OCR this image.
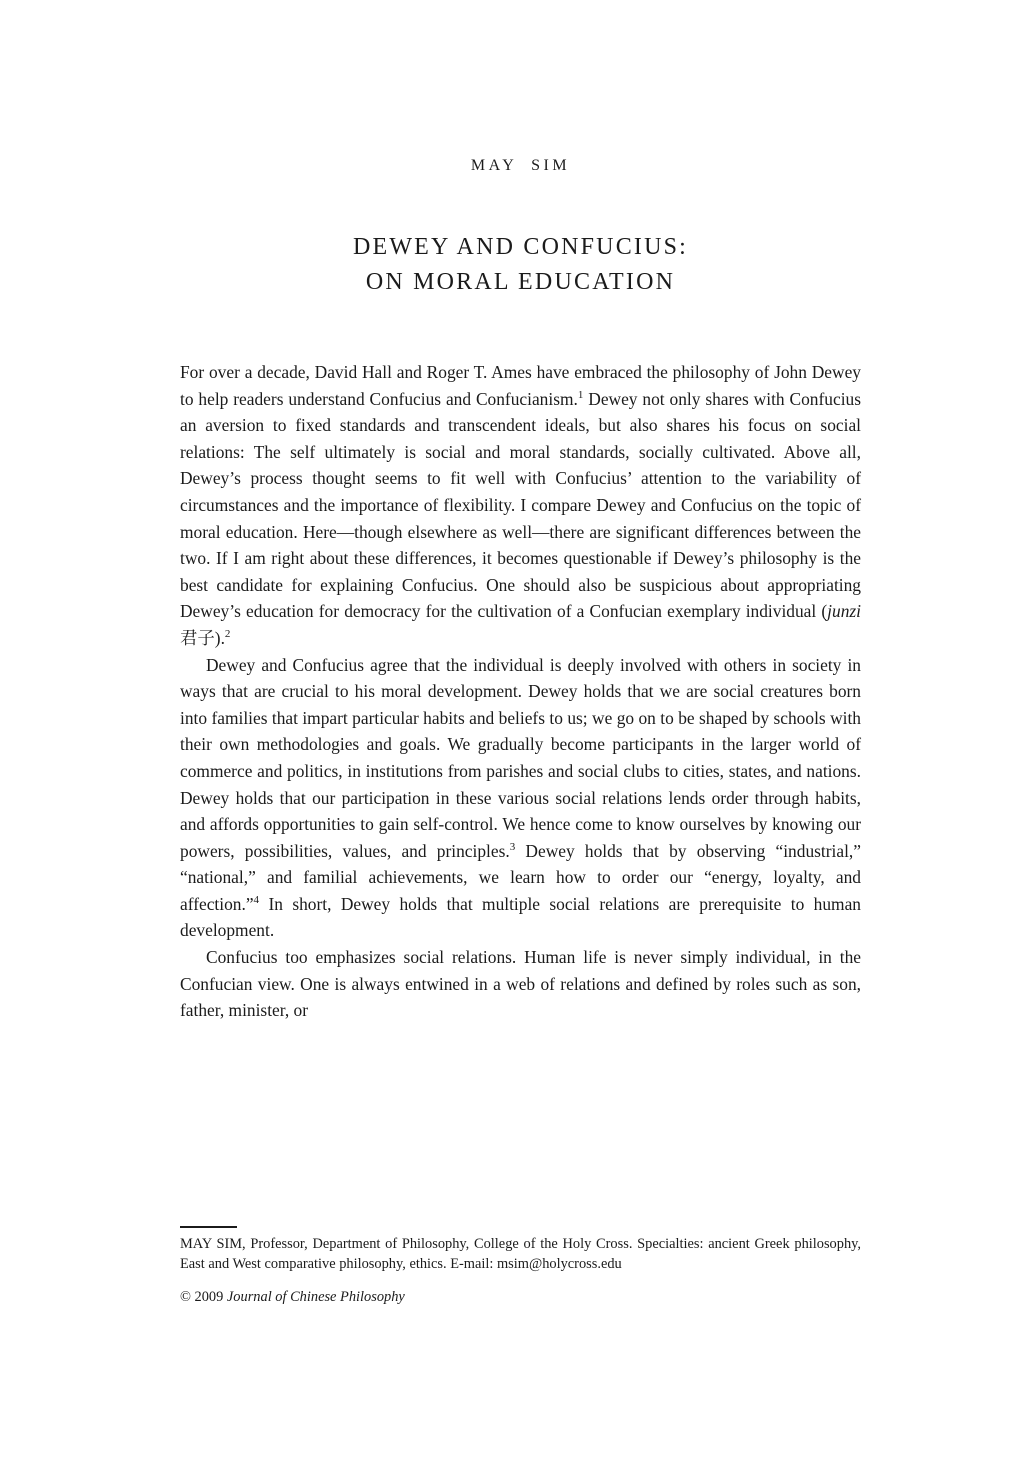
MAY SIM
DEWEY AND CONFUCIUS:
ON MORAL EDUCATION

For over a decade, David Hall and Roger T. Ames have embraced the philosophy of John Dewey to help readers understand Confucius and Confucianism.$^1$ Dewey not only shares with Confucius an aversion to fixed standards and transcendent ideals, but also shares his focus on social relations: The self ultimately is social and moral standards, socially cultivated. Above all, Dewey’s process thought seems to fit well with Confucius’ attention to the variability of circumstances and the importance of flexibility. I compare Dewey and Confucius on the topic of moral education. Here—though elsewhere as well—there are significant differences between the two. If I am right about these differences, it becomes questionable if Dewey’s philosophy is the best candidate for explaining Confucius. One should also be suspicious about appropriating Dewey’s education for democracy for the cultivation of a Confucian exemplary individual (junzi 君子).$^2$

Dewey and Confucius agree that the individual is deeply involved with others in society in ways that are crucial to his moral development. Dewey holds that we are social creatures born into families that impart particular habits and beliefs to us; we go on to be shaped by schools with their own methodologies and goals. We gradually become participants in the larger world of commerce and politics, in institutions from parishes and social clubs to cities, states, and nations. Dewey holds that our participation in these various social relations lends order through habits, and affords opportunities to gain self-control. We hence come to know ourselves by knowing our powers, possibilities, values, and principles.$^3$ Dewey holds that by observing “industrial,” “national,” and familial achievements, we learn how to order our “energy, loyalty, and affection.”$^4$ In short, Dewey holds that multiple social relations are prerequisite to human development.

Confucius too emphasizes social relations. Human life is never simply individual, in the Confucian view. One is always entwined in a web of relations and defined by roles such as son, father, minister, or

MAY SIM, Professor, Department of Philosophy, College of the Holy Cross. Specialties: ancient Greek philosophy, East and West comparative philosophy, ethics. E-mail: msim@holycross.edu

© 2009 Journal of Chinese Philosophy
